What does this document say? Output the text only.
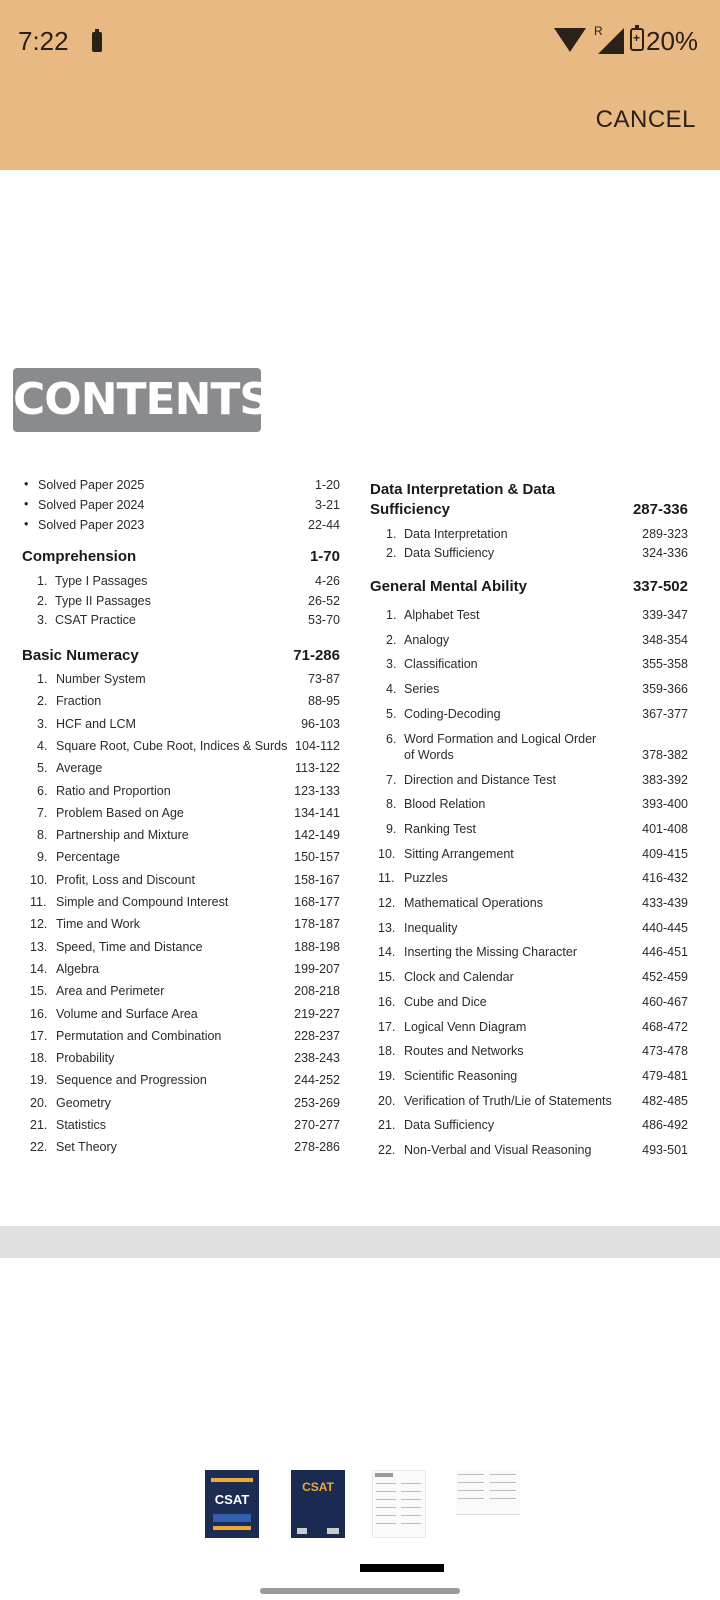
7:22	R
+ 20%
CANCEL
CONTENTS
• Solved Paper 2025	1-20
• Solved Paper 2024	3-21
• Solved Paper 2023	22-44
Comprehension	1-70
1. Type I Passages	4-26
2. Type II Passages	26-52
3. CSAT Practice	53-70
Basic Numeracy	71-286
1. Number System	73-87
2. Fraction	88-95
3. HCF and LCM	96-103
4. Square Root, Cube Root, Indices & Surds 104-112
5. Average	113-122
6. Ratio and Proportion	123-133
7. Problem Based on Age	134-141
8. Partnership and Mixture	142-149
9. Percentage	150-157
10. Profit, Loss and Discount	158-167
11. Simple and Compound Interest	168-177
12. Time and Work	178-187
13. Speed, Time and Distance	188-198
14. Algebra	199-207
15. Area and Perimeter	208-218
16. Volume and Surface Area	219-227
17. Permutation and Combination	228-237
18. Probability	238-243
19. Sequence and Progression	244-252
20. Geometry	253-269
21. Statistics	270-277
22. Set Theory	278-286
Data Interpretation & Data
Sufficiency	287-336
1. Data Interpretation	289-323
2. Data Sufficiency	324-336
General Mental Ability	337-502
1. Alphabet Test	339-347
2. Analogy	348-354
3. Classification	355-358
4. Series	359-366
5. Coding-Decoding	367-377
6. Word Formation and Logical Order
of Words	378-382
7. Direction and Distance Test	383-392
8. Blood Relation	393-400
9. Ranking Test	401-408
10. Sitting Arrangement	409-415
11. Puzzles	416-432
12. Mathematical Operations	433-439
13. Inequality	440-445
14. Inserting the Missing Character	446-451
15. Clock and Calendar	452-459
16. Cube and Dice	460-467
17. Logical Venn Diagram	468-472
18. Routes and Networks	473-478
19. Scientific Reasoning	479-481
20. Verification of Truth/Lie of Statements 482-485
21. Data Sufficiency	486-492
22. Non-Verbal and Visual Reasoning	493-501
CSAT
CSAT
